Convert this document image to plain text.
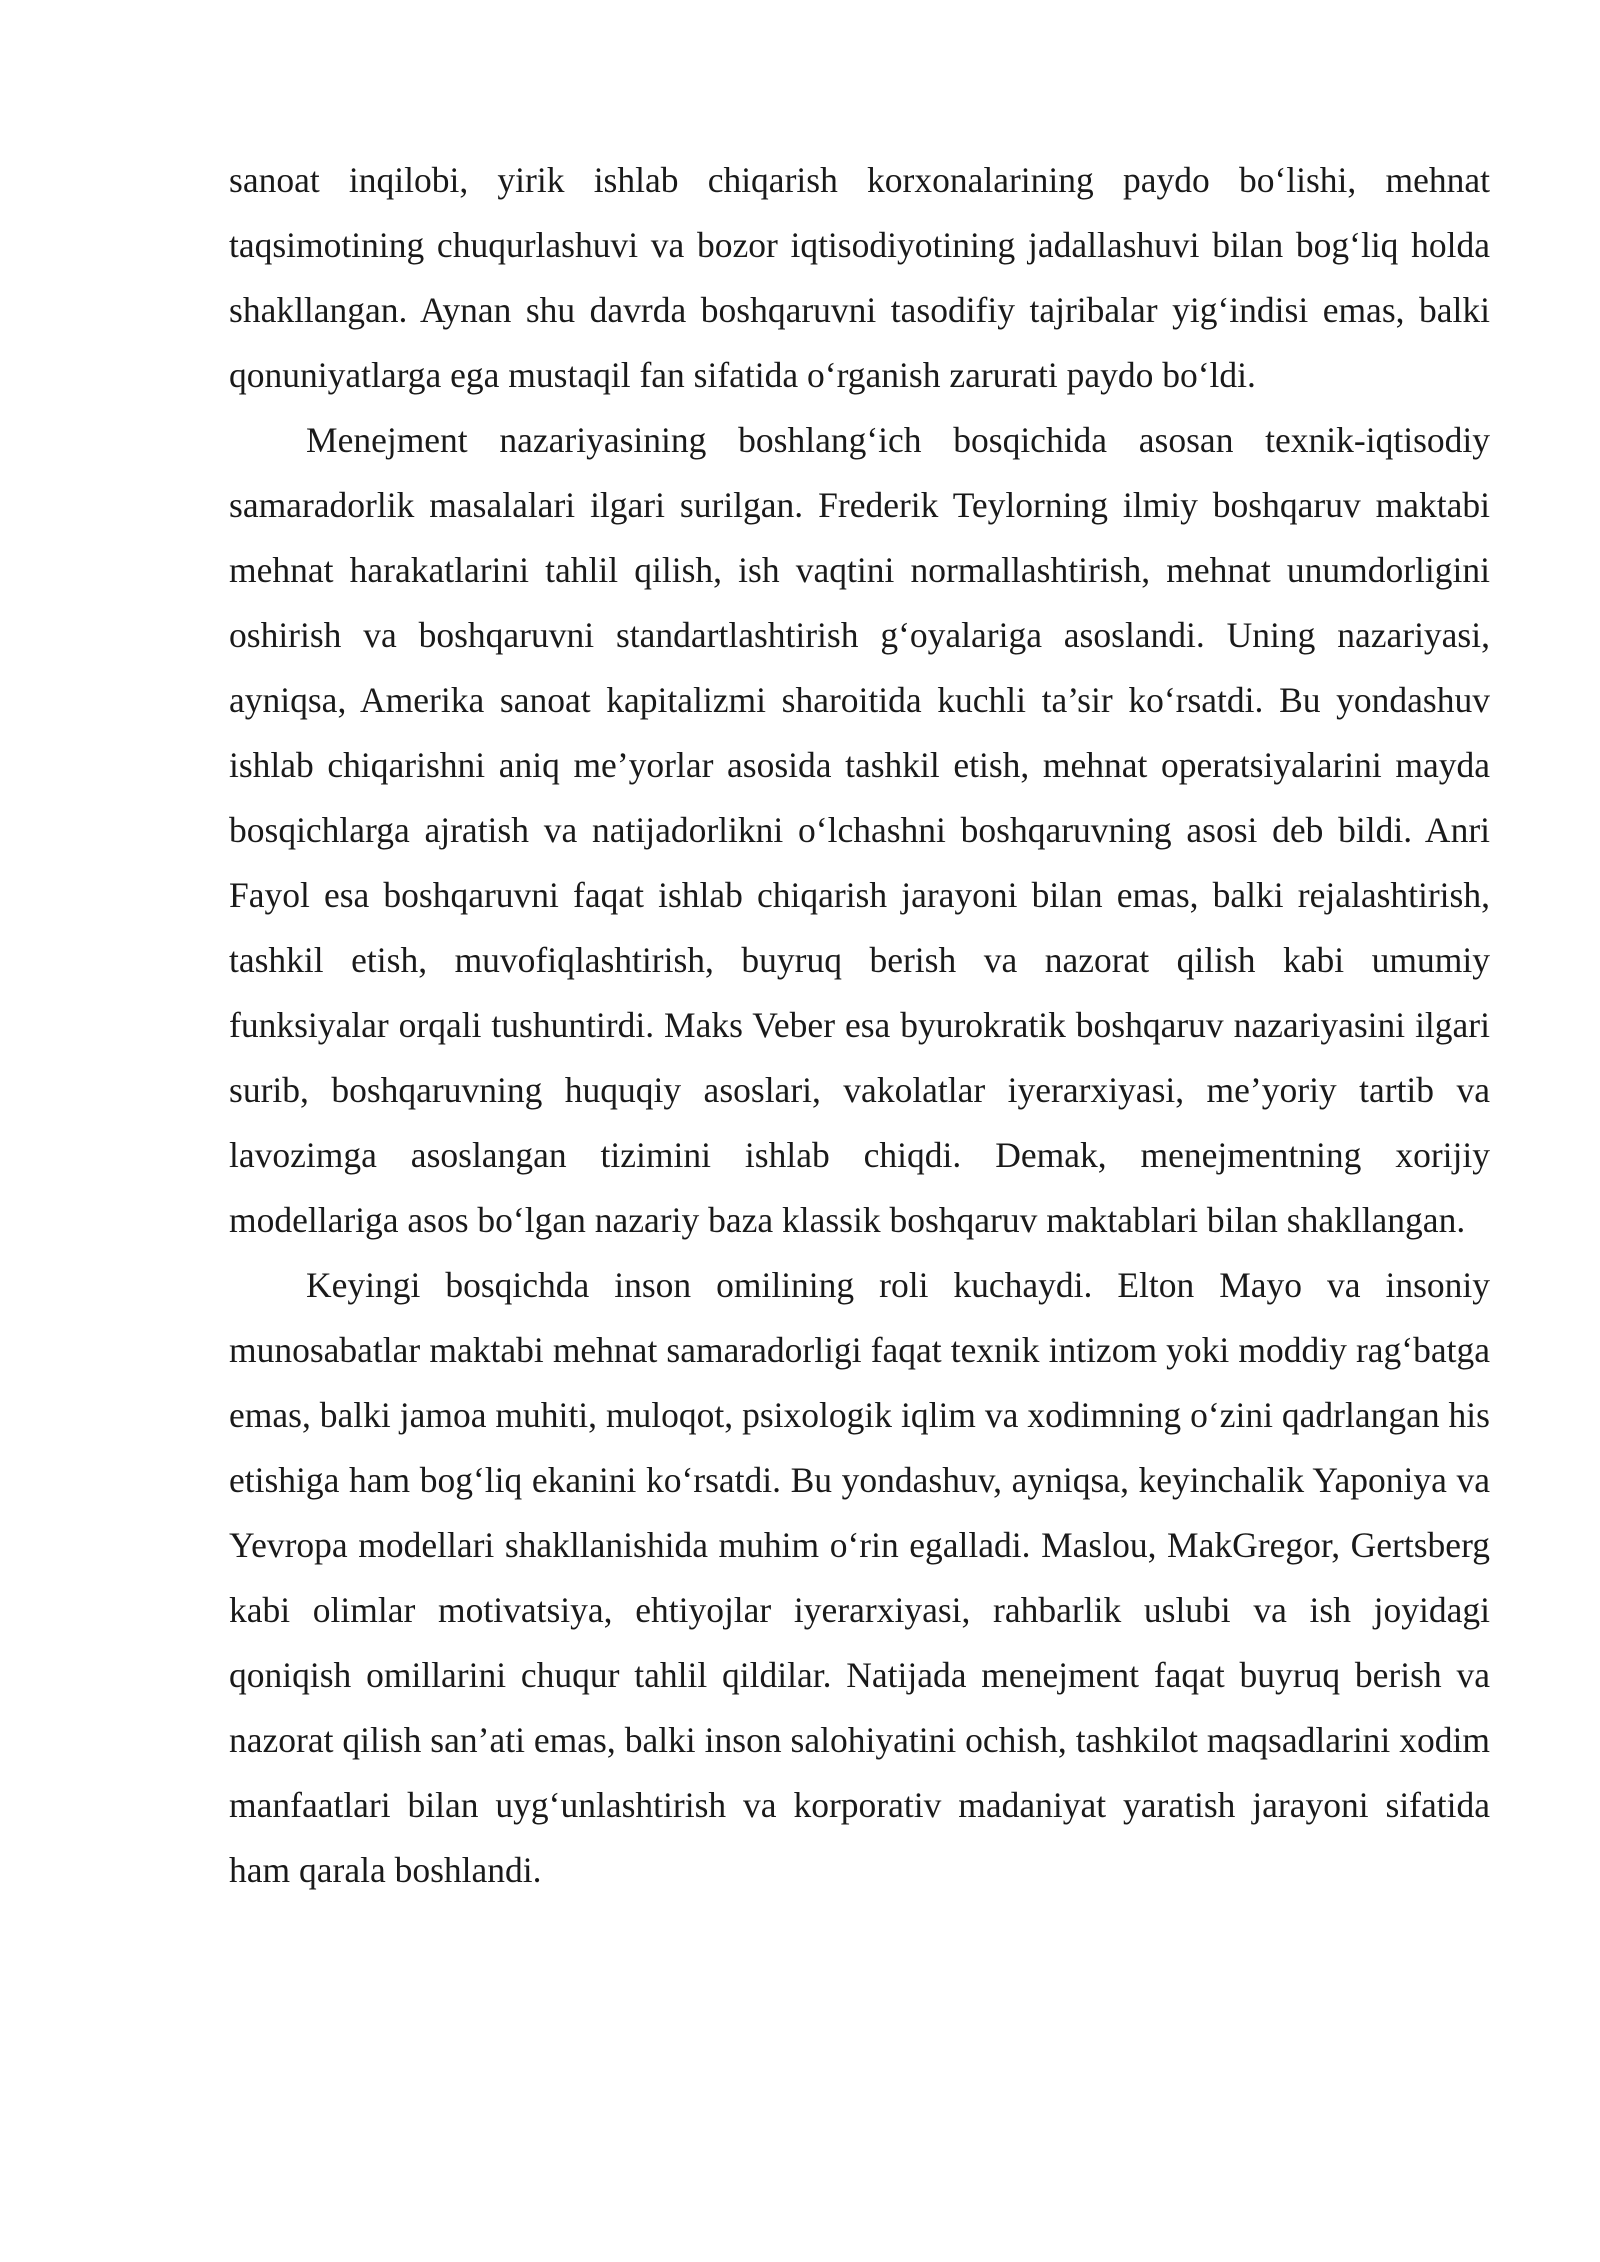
sanoat inqilobi, yirik ishlab chiqarish korxonalarining paydo bo‘lishi, mehnat taqsimotining chuqurlashuvi va bozor iqtisodiyotining jadallashuvi bilan bog‘liq holda shakllangan. Aynan shu davrda boshqaruvni tasodifiy tajribalar yig‘indisi emas, balki qonuniyatlarga ega mustaqil fan sifatida o‘rganish zarurati paydo bo‘ldi.

Menejment nazariyasining boshlang‘ich bosqichida asosan texnik-iqtisodiy samaradorlik masalalari ilgari surilgan. Frederik Teylorning ilmiy boshqaruv maktabi mehnat harakatlarini tahlil qilish, ish vaqtini normallashtirish, mehnat unumdorligini oshirish va boshqaruvni standartlashtirish g‘oyalariga asoslandi. Uning nazariyasi, ayniqsa, Amerika sanoat kapitalizmi sharoitida kuchli ta’sir ko‘rsatdi. Bu yondashuv ishlab chiqarishni aniq me’yorlar asosida tashkil etish, mehnat operatsiyalarini mayda bosqichlarga ajratish va natijadorlikni o‘lchashni boshqaruvning asosi deb bildi. Anri Fayol esa boshqaruvni faqat ishlab chiqarish jarayoni bilan emas, balki rejalashtirish, tashkil etish, muvofiqlashtirish, buyruq berish va nazorat qilish kabi umumiy funksiyalar orqali tushuntirdi. Maks Veber esa byurokratik boshqaruv nazariyasini ilgari surib, boshqaruvning huquqiy asoslari, vakolatlar iyerarxiyasi, me’yoriy tartib va lavozimga asoslangan tizimini ishlab chiqdi. Demak, menejmentning xorijiy modellariga asos bo‘lgan nazariy baza klassik boshqaruv maktablari bilan shakllangan.

Keyingi bosqichda inson omilining roli kuchaydi. Elton Mayo va insoniy munosabatlar maktabi mehnat samaradorligi faqat texnik intizom yoki moddiy rag‘batga emas, balki jamoa muhiti, muloqot, psixologik iqlim va xodimning o‘zini qadrlangan his etishiga ham bog‘liq ekanini ko‘rsatdi. Bu yondashuv, ayniqsa, keyinchalik Yaponiya va Yevropa modellari shakllanishida muhim o‘rin egalladi. Maslou, MakGregor, Gertsberg kabi olimlar motivatsiya, ehtiyojlar iyerarxiyasi, rahbarlik uslubi va ish joyidagi qoniqish omillarini chuqur tahlil qildilar. Natijada menejment faqat buyruq berish va nazorat qilish san’ati emas, balki inson salohiyatini ochish, tashkilot maqsadlarini xodim manfaatlari bilan uyg‘unlashtirish va korporativ madaniyat yaratish jarayoni sifatida ham qarala boshlandi.
